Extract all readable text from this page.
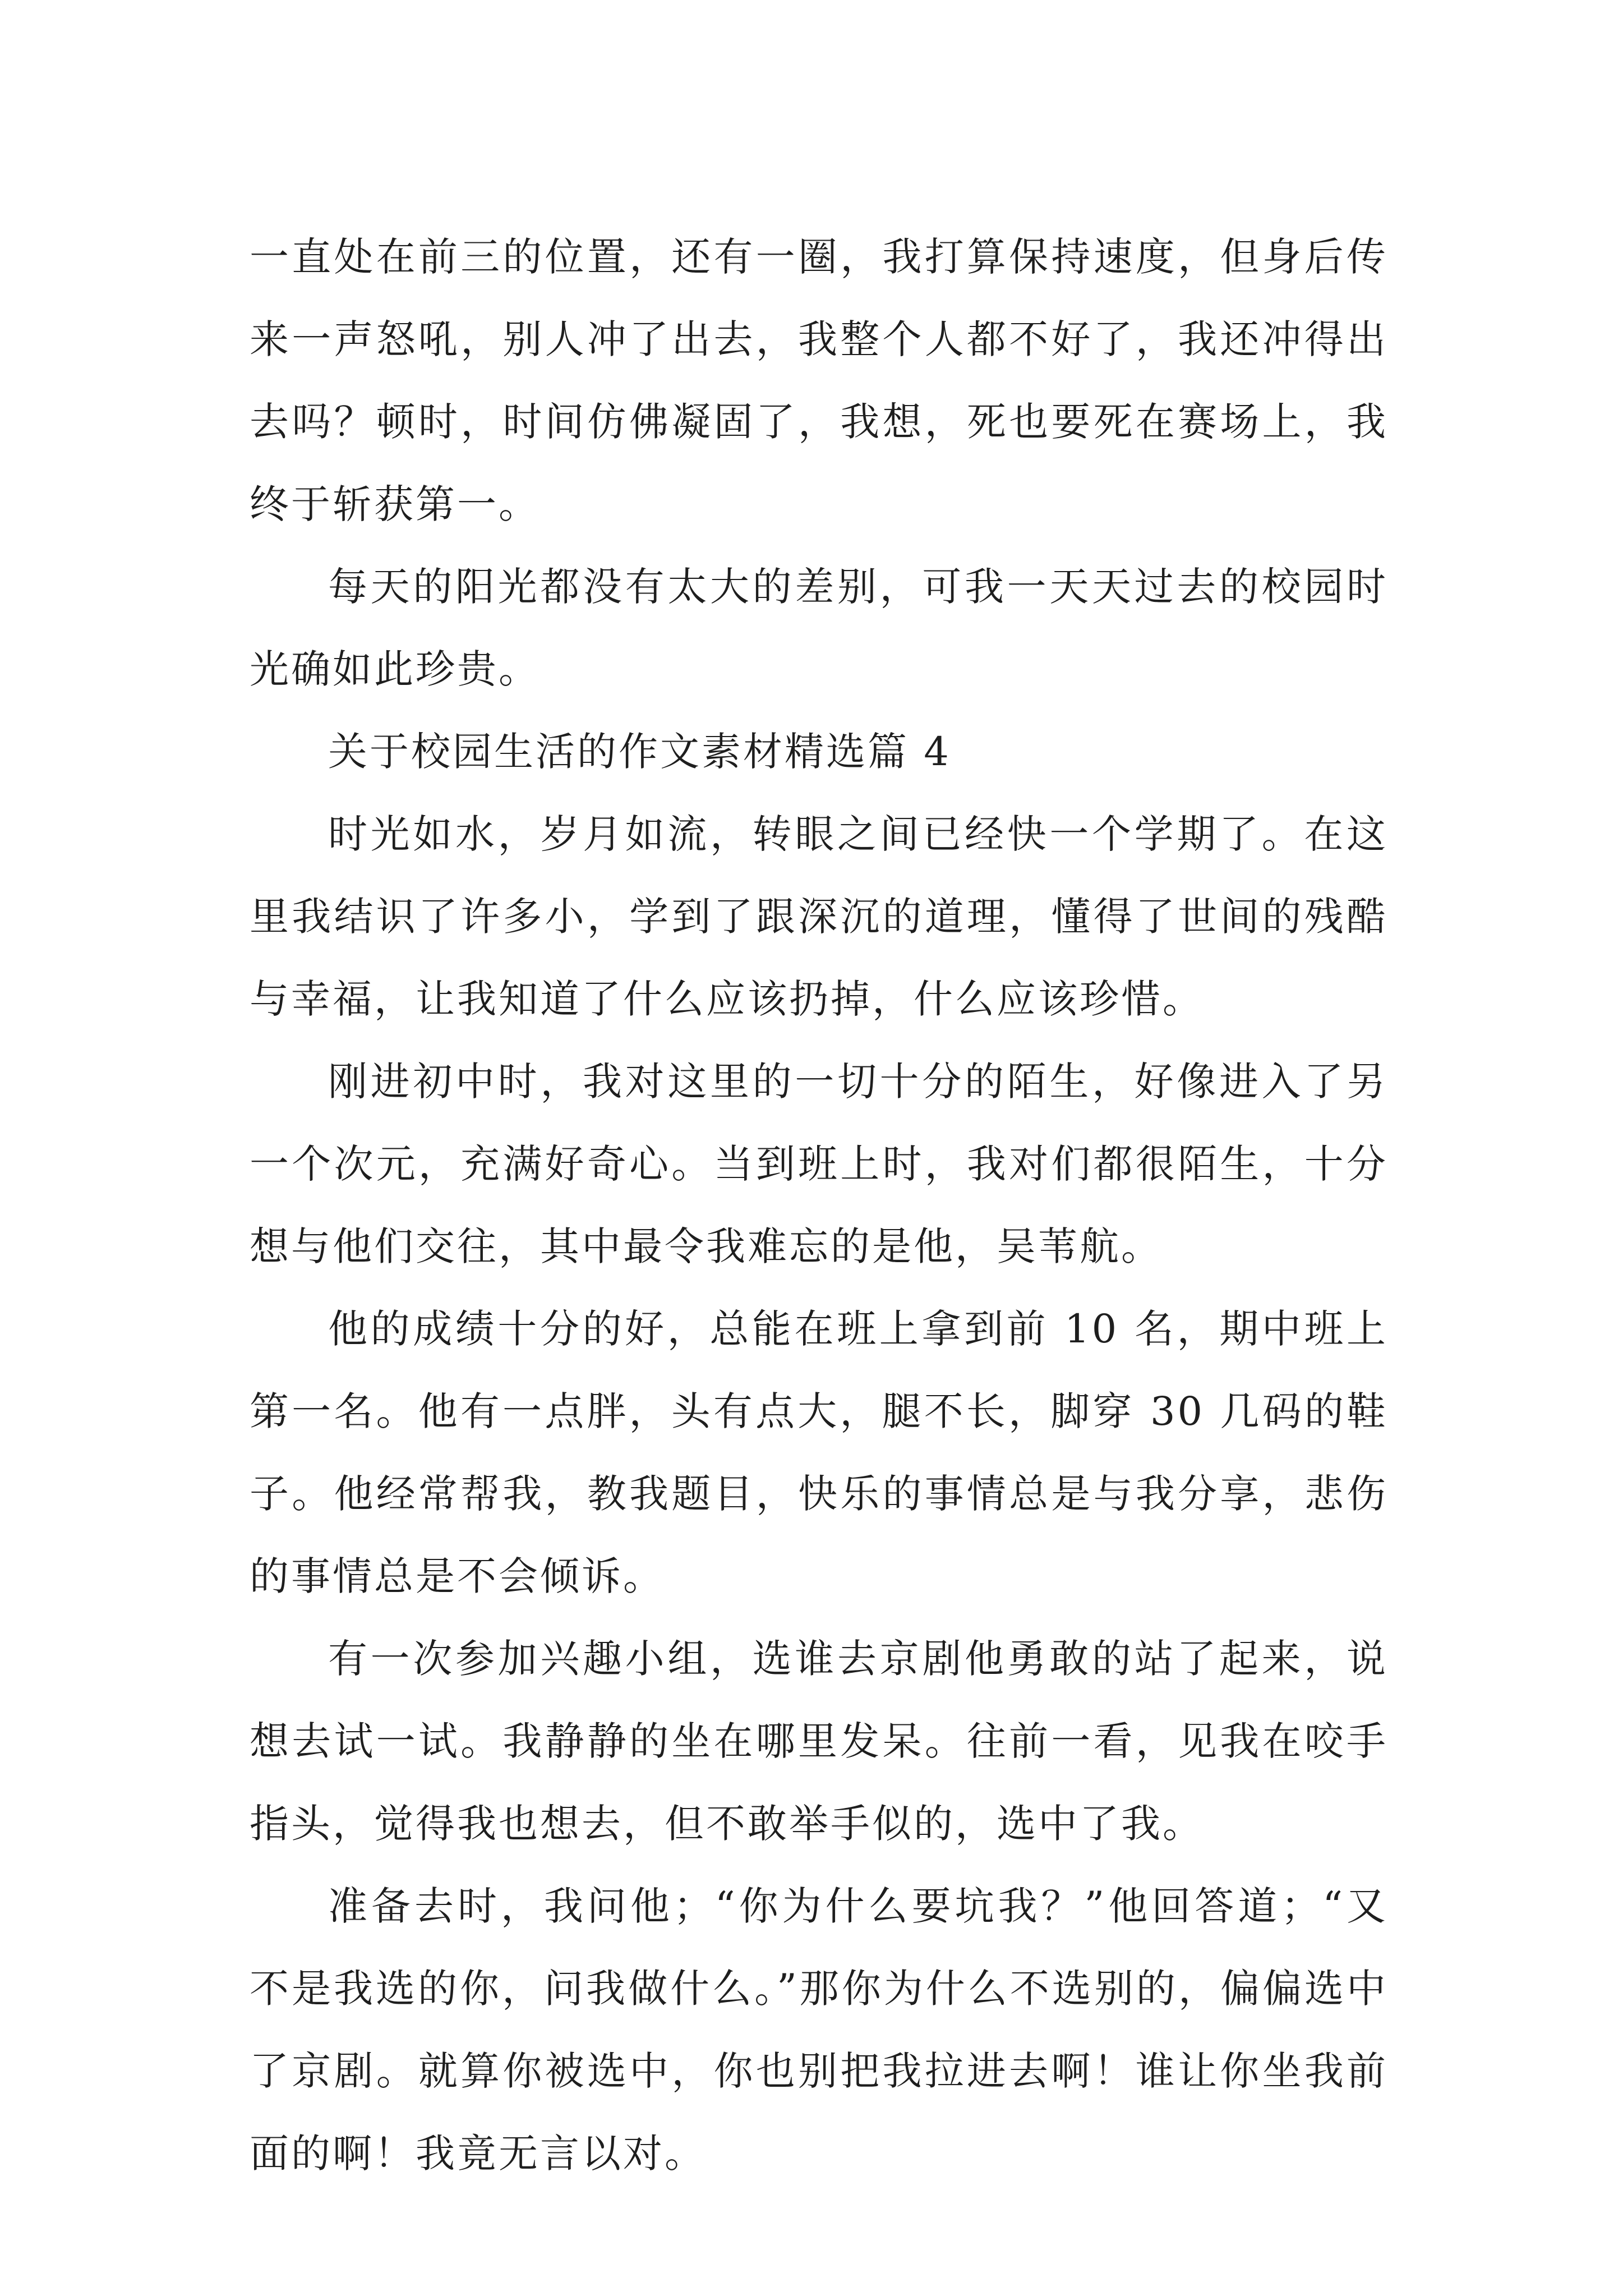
一直处在前三的位置，还有一圈，我打算保持速度，但身后传来一声怒吼，别人冲了出去，我整个人都不好了，我还冲得出去吗？顿时，时间仿佛凝固了，我想，死也要死在赛场上，我终于斩获第一。

每天的阳光都没有太大的差别，可我一天天过去的校园时光确如此珍贵。

关于校园生活的作文素材精选篇 4

时光如水，岁月如流，转眼之间已经快一个学期了。在这里我结识了许多小，学到了跟深沉的道理，懂得了世间的残酷与幸福，让我知道了什么应该扔掉，什么应该珍惜。

刚进初中时，我对这里的一切十分的陌生，好像进入了另一个次元，充满好奇心。当到班上时，我对们都很陌生，十分想与他们交往，其中最令我难忘的是他，吴苇航。

他的成绩十分的好，总能在班上拿到前 10 名，期中班上第一名。他有一点胖，头有点大，腿不长，脚穿 30 几码的鞋子。他经常帮我，教我题目，快乐的事情总是与我分享，悲伤的事情总是不会倾诉。

有一次参加兴趣小组，选谁去京剧他勇敢的站了起来，说想去试一试。我静静的坐在哪里发呆。往前一看，见我在咬手指头，觉得我也想去，但不敢举手似的，选中了我。

准备去时，我问他；“你为什么要坑我？”他回答道；“又不是我选的你，问我做什么。”那你为什么不选别的，偏偏选中了京剧。就算你被选中，你也别把我拉进去啊！谁让你坐我前面的啊！我竟无言以对。
